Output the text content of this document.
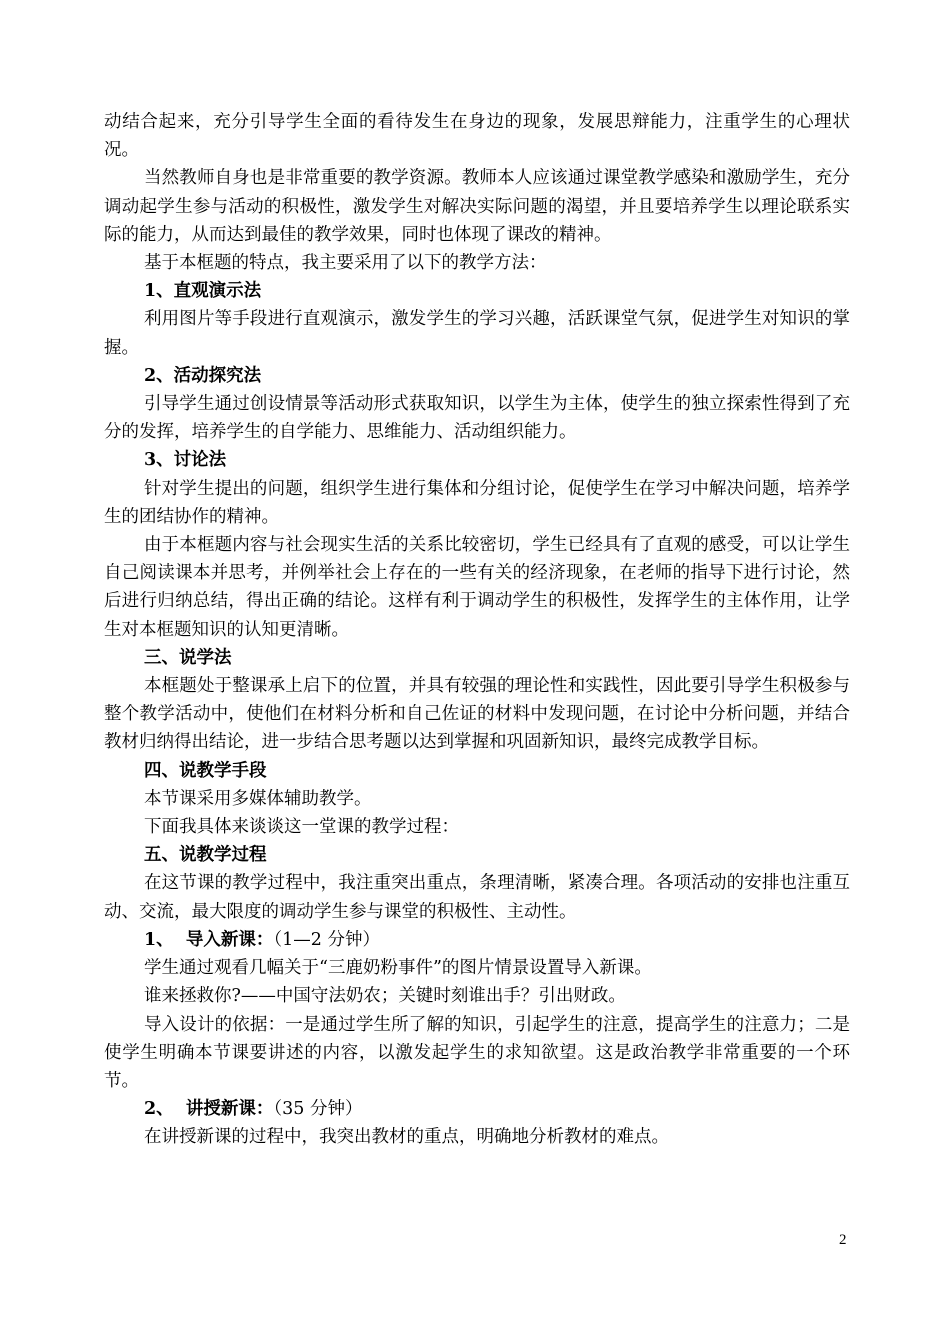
动结合起来，充分引导学生全面的看待发生在身边的现象，发展思辩能力，注重学生的心理状况。

当然教师自身也是非常重要的教学资源。教师本人应该通过课堂教学感染和激励学生，充分调动起学生参与活动的积极性，激发学生对解决实际问题的渴望，并且要培养学生以理论联系实际的能力，从而达到最佳的教学效果，同时也体现了课改的精神。

基于本框题的特点，我主要采用了以下的教学方法：

1、直观演示法

利用图片等手段进行直观演示，激发学生的学习兴趣，活跃课堂气氛，促进学生对知识的掌握。

2、活动探究法

引导学生通过创设情景等活动形式获取知识，以学生为主体，使学生的独立探索性得到了充分的发挥，培养学生的自学能力、思维能力、活动组织能力。

3、讨论法

针对学生提出的问题，组织学生进行集体和分组讨论，促使学生在学习中解决问题，培养学生的团结协作的精神。

由于本框题内容与社会现实生活的关系比较密切，学生已经具有了直观的感受，可以让学生自己阅读课本并思考，并例举社会上存在的一些有关的经济现象，在老师的指导下进行讨论，然后进行归纳总结，得出正确的结论。这样有利于调动学生的积极性，发挥学生的主体作用，让学生对本框题知识的认知更清晰。

三、说学法

本框题处于整课承上启下的位置，并具有较强的理论性和实践性，因此要引导学生积极参与整个教学活动中，使他们在材料分析和自己佐证的材料中发现问题，在讨论中分析问题，并结合教材归纳得出结论，进一步结合思考题以达到掌握和巩固新知识，最终完成教学目标。

四、说教学手段

本节课采用多媒体辅助教学。

下面我具体来谈谈这一堂课的教学过程：

五、说教学过程

在这节课的教学过程中，我注重突出重点，条理清晰，紧凑合理。各项活动的安排也注重互动、交流，最大限度的调动学生参与课堂的积极性、主动性。

1、  导入新课：（1—2 分钟）

学生通过观看几幅关于“三鹿奶粉事件”的图片情景设置导入新课。

谁来拯救你?——中国守法奶农；关键时刻谁出手？引出财政。

导入设计的依据：一是通过学生所了解的知识，引起学生的注意，提高学生的注意力；二是使学生明确本节课要讲述的内容，以激发起学生的求知欲望。这是政治教学非常重要的一个环节。

2、  讲授新课：（35 分钟）

在讲授新课的过程中，我突出教材的重点，明确地分析教材的难点。

2
